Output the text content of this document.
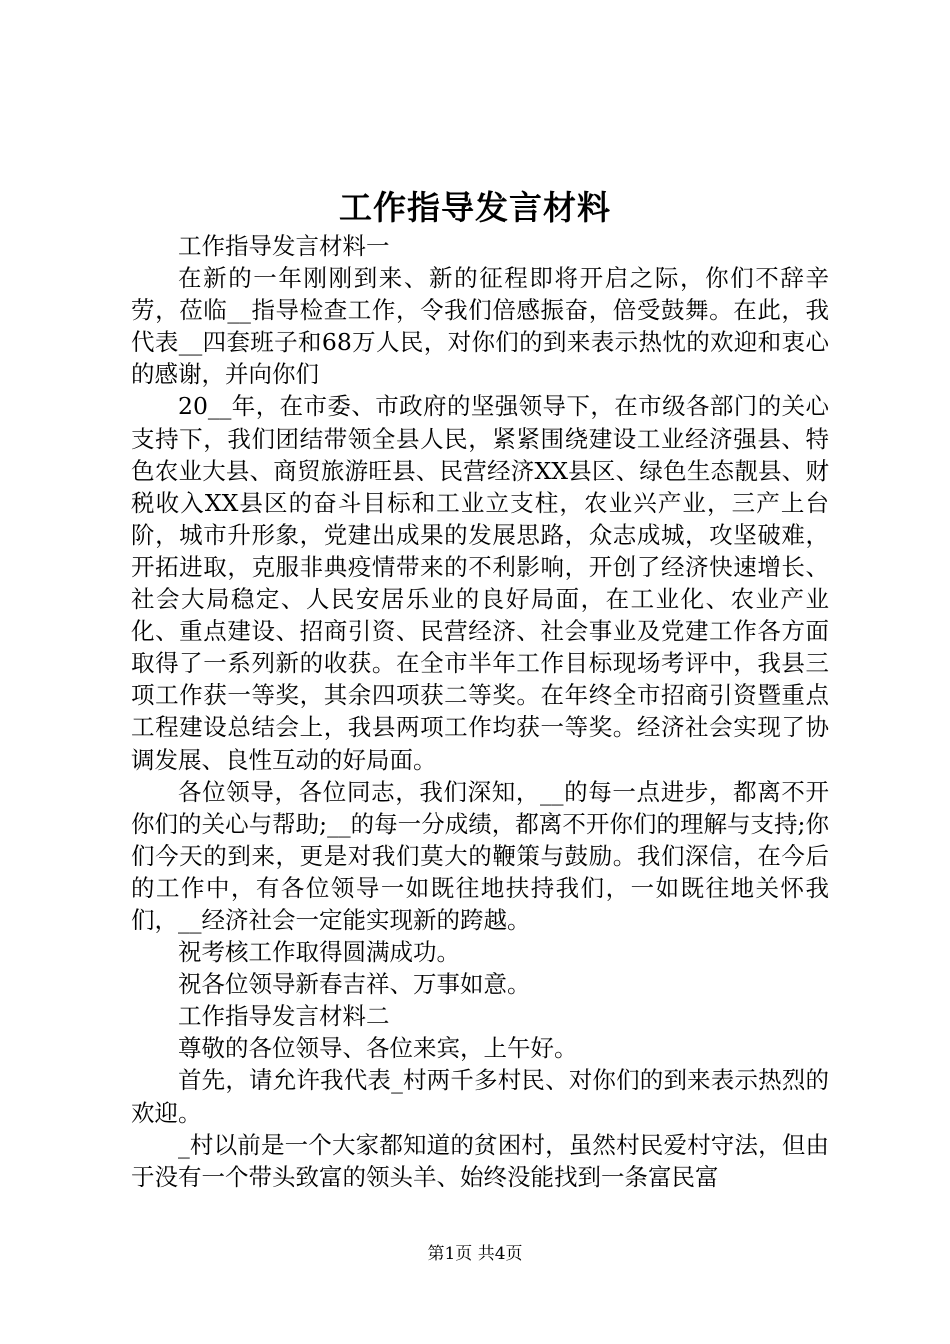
工作指导发言材料

工作指导发言材料一

在新的一年刚刚到来、新的征程即将开启之际，你们不辞辛劳，莅临__指导检查工作，令我们倍感振奋，倍受鼓舞。在此，我代表__四套班子和68万人民，对你们的到来表示热忱的欢迎和衷心的感谢，并向你们

20__年，在市委、市政府的坚强领导下，在市级各部门的关心支持下，我们团结带领全县人民，紧紧围绕建设工业经济强县、特色农业大县、商贸旅游旺县、民营经济XX县区、绿色生态靓县、财税收入XX县区的奋斗目标和工业立支柱，农业兴产业，三产上台阶，城市升形象，党建出成果的发展思路，众志成城，攻坚破难，开拓进取，克服非典疫情带来的不利影响，开创了经济快速增长、社会大局稳定、人民安居乐业的良好局面，在工业化、农业产业化、重点建设、招商引资、民营经济、社会事业及党建工作各方面取得了一系列新的收获。在全市半年工作目标现场考评中，我县三项工作获一等奖，其余四项获二等奖。在年终全市招商引资暨重点工程建设总结会上，我县两项工作均获一等奖。经济社会实现了协调发展、良性互动的好局面。

各位领导，各位同志，我们深知，__的每一点进步，都离不开你们的关心与帮助;__的每一分成绩，都离不开你们的理解与支持;你们今天的到来，更是对我们莫大的鞭策与鼓励。我们深信，在今后的工作中，有各位领导一如既往地扶持我们，一如既往地关怀我们，__经济社会一定能实现新的跨越。

祝考核工作取得圆满成功。

祝各位领导新春吉祥、万事如意。

工作指导发言材料二

尊敬的各位领导、各位来宾，上午好。

首先，请允许我代表_村两千多村民、对你们的到来表示热烈的欢迎。

_村以前是一个大家都知道的贫困村，虽然村民爱村守法，但由于没有一个带头致富的领头羊、始终没能找到一条富民富

第1页 共4页
